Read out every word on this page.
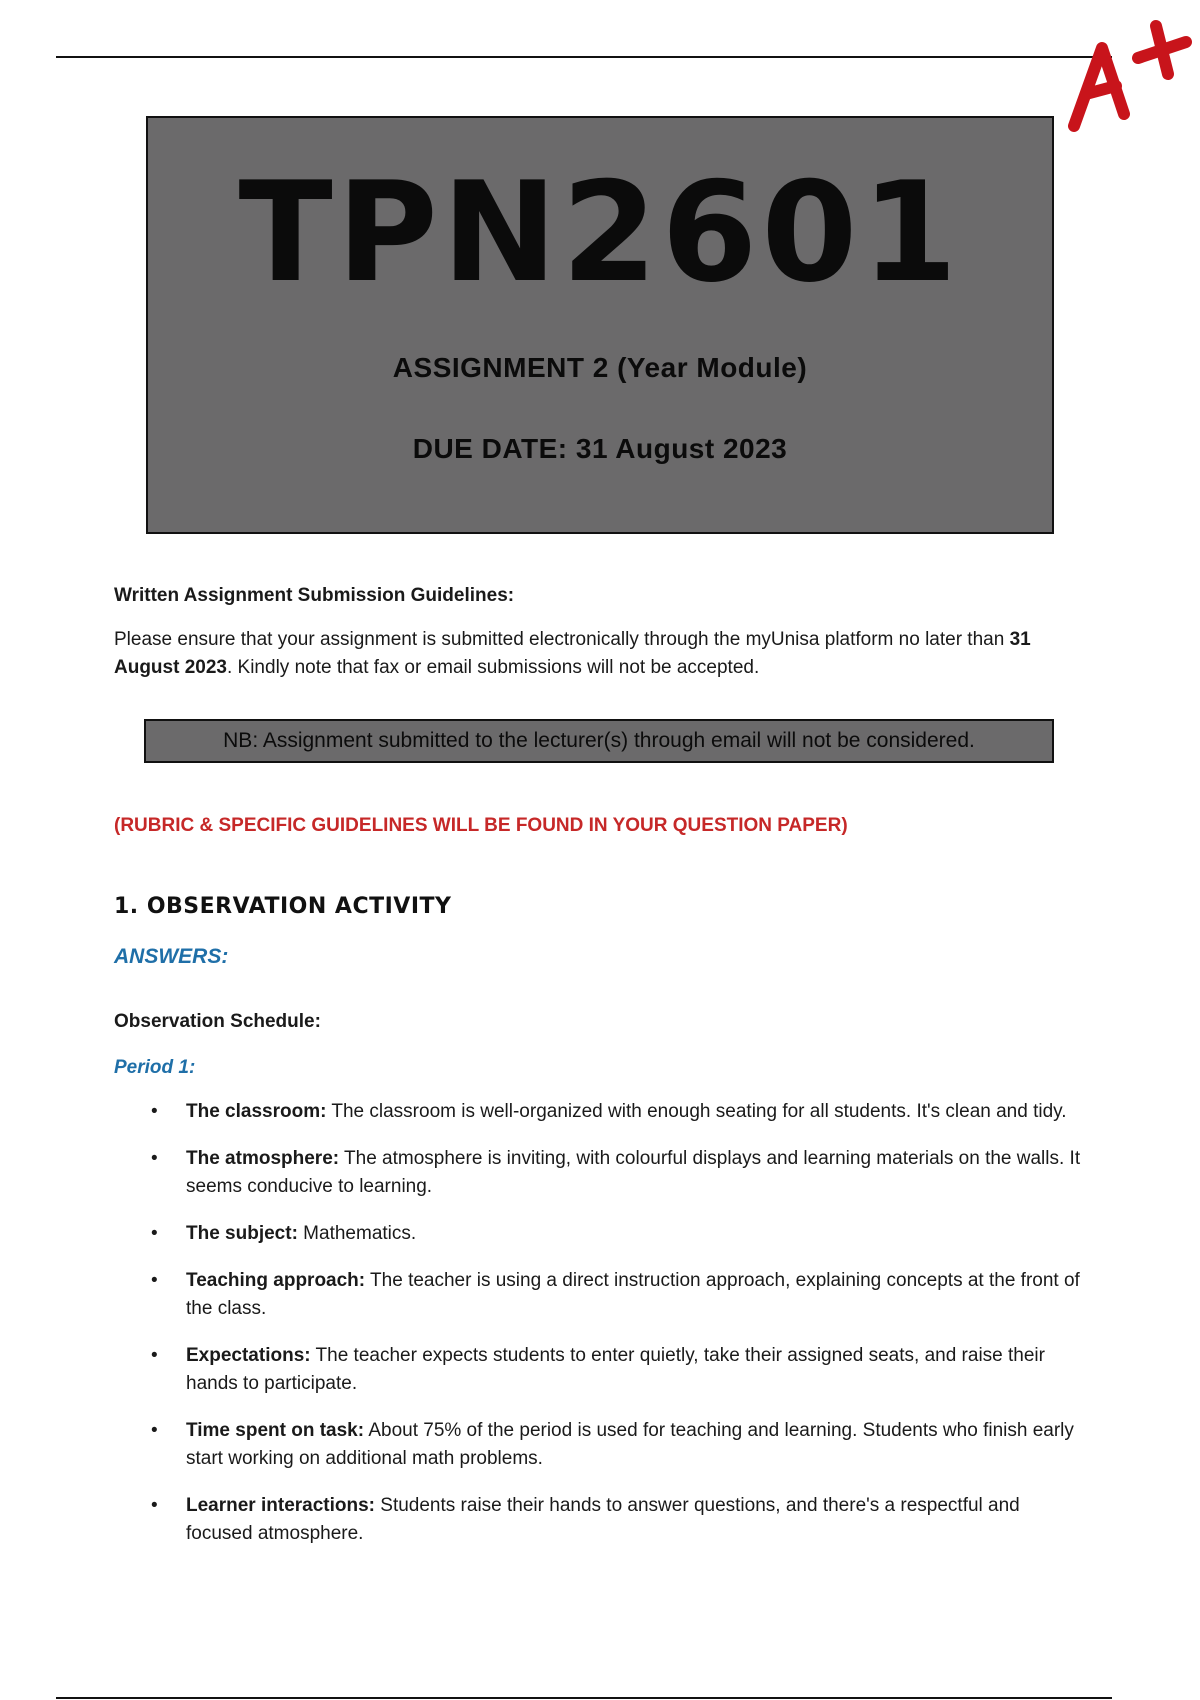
TPN2601
ASSIGNMENT 2 (Year Module)
DUE DATE: 31 August 2023
Written Assignment Submission Guidelines:
Please ensure that your assignment is submitted electronically through the myUnisa platform no later than 31 August 2023. Kindly note that fax or email submissions will not be accepted.
NB: Assignment submitted to the lecturer(s) through email will not be considered.
(RUBRIC & SPECIFIC GUIDELINES WILL BE FOUND IN YOUR QUESTION PAPER)
1. OBSERVATION ACTIVITY
ANSWERS:
Observation Schedule:
Period 1:
• The classroom: The classroom is well-organized with enough seating for all students. It's clean and tidy.
• The atmosphere: The atmosphere is inviting, with colourful displays and learning materials on the walls. It seems conducive to learning.
• The subject: Mathematics.
• Teaching approach: The teacher is using a direct instruction approach, explaining concepts at the front of the class.
• Expectations: The teacher expects students to enter quietly, take their assigned seats, and raise their hands to participate.
• Time spent on task: About 75% of the period is used for teaching and learning. Students who finish early start working on additional math problems.
• Learner interactions: Students raise their hands to answer questions, and there's a respectful and focused atmosphere.
